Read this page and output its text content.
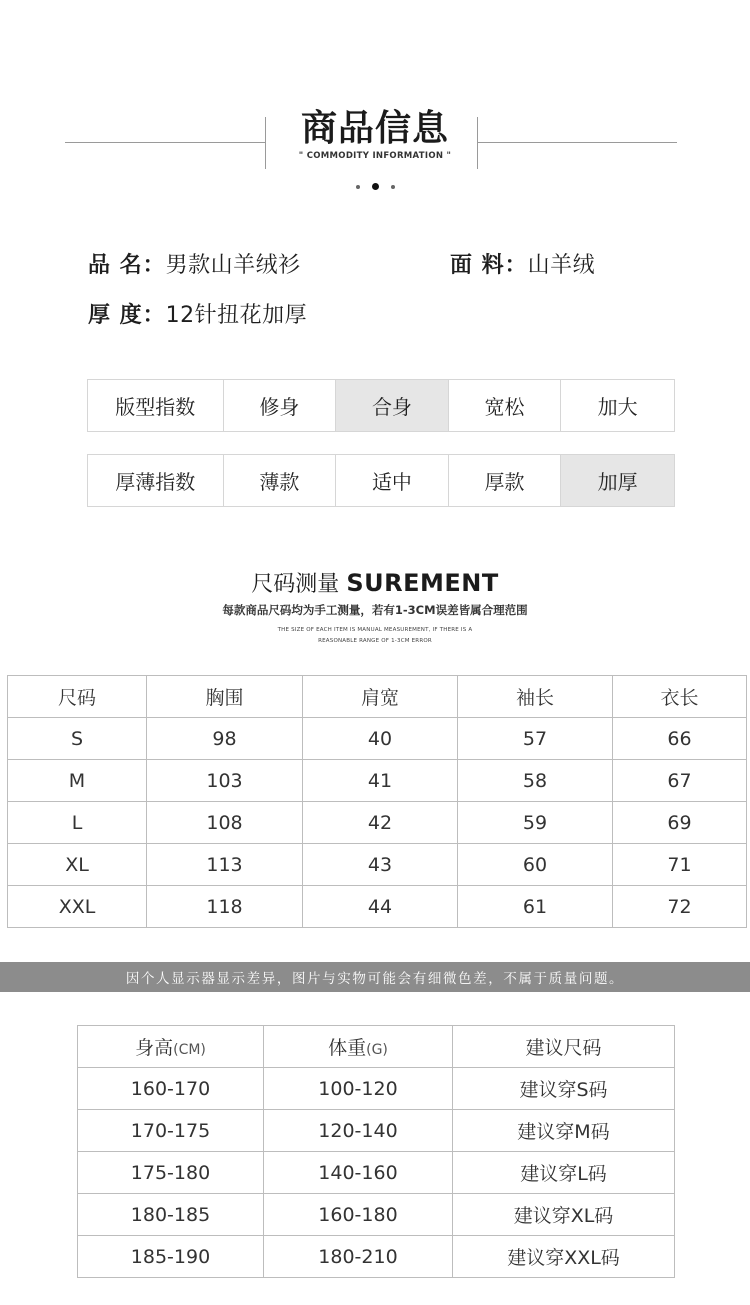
商品信息
" COMMODITY INFORMATION "
品 名：男款山羊绒衫	面 料：山羊绒
厚 度：12针扭花加厚
版型指数	修身	合身	宽松	加大
厚薄指数	薄款	适中	厚款	加厚
尺码测量 SUREMENT
每款商品尺码均为手工测量，若有1-3CM误差皆属合理范围
THE SIZE OF EACH ITEM IS MANUAL MEASUREMENT, IF THERE IS A
REASONABLE RANGE OF 1-3CM ERROR
尺码	胸围	肩宽	袖长	衣长
S	98	40	57	66
M	103	41	58	67
L	108	42	59	69
XL	113	43	60	71
XXL	118	44	61	72
因个人显示器显示差异，图片与实物可能会有细微色差，不属于质量问题。
身高(CM)	体重(G)	建议尺码
160-170	100-120	建议穿S码
170-175	120-140	建议穿M码
175-180	140-160	建议穿L码
180-185	160-180	建议穿XL码
185-190	180-210	建议穿XXL码
